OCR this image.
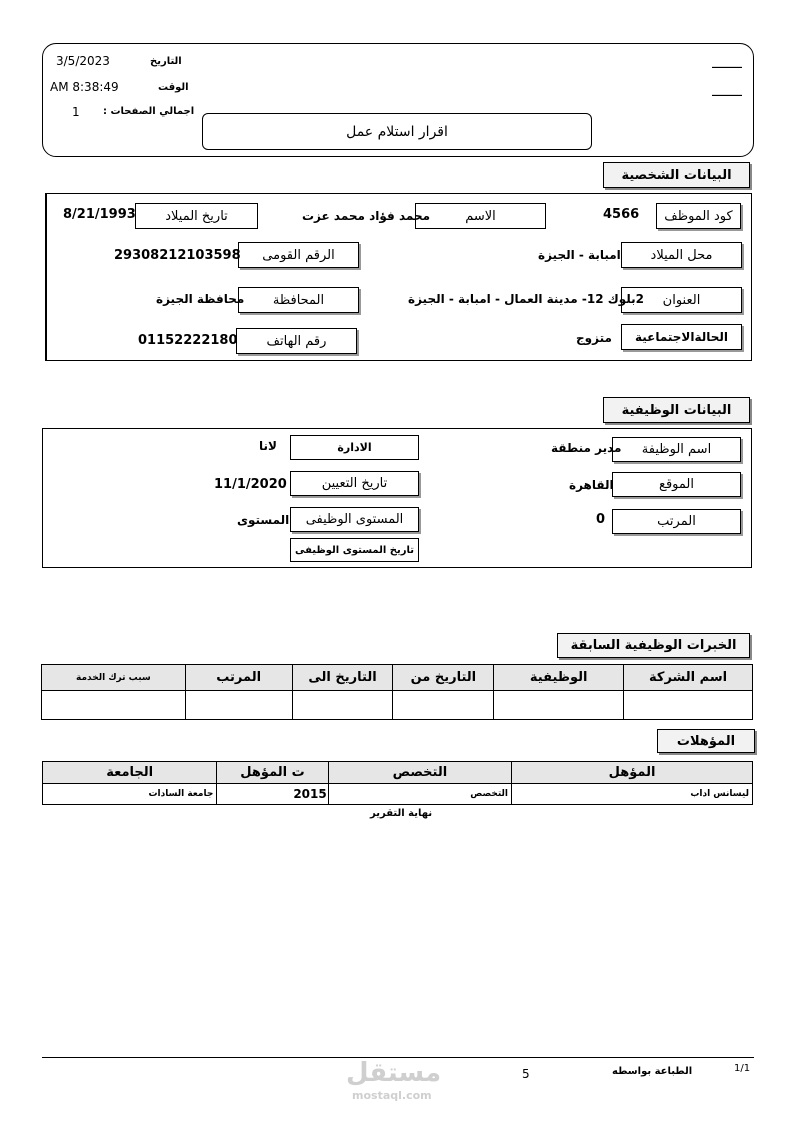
_____
_____
التاريخ
3/5/2023
الوقت
AM 8:38:49
اجمالي الصفحات :
1
اقرار استلام عمل
البيانات الشخصية
كود الموظف
4566
الاسم
محمد فؤاد محمد عزت
تاريخ الميلاد
8/21/1993
محل الميلاد
امبابة - الجيزة
الرقم القومى
29308212103598
العنوان
2بلوك 12- مدينة العمال - امبابة - الجيزة
المحافظة
محافظة الجيزة
الحالةالاجتماعية
متزوج
رقم الهاتف
01152222180
البيانات الوظيفية
اسم الوظيفة
مدير منطقة
الادارة
لانا
الموقع
القاهرة
تاريخ التعيين
11/1/2020
المرتب
0
المستوى الوظيفى
المستوى
تاريخ المستوى الوظيفى
الخبرات الوظيفية السابقة
سبب ترك الخدمة	المرتب	التاريخ الى	التاريخ من	الوظيفية	اسم الشركة

المؤهلات
الجامعة	ت المؤهل	التخصص	المؤهل
جامعة السادات	2015	التخصص	ليسانس اداب
نهاية التقرير
1/1
الطباعة بواسطه
5
مستقل
mostaql.com
